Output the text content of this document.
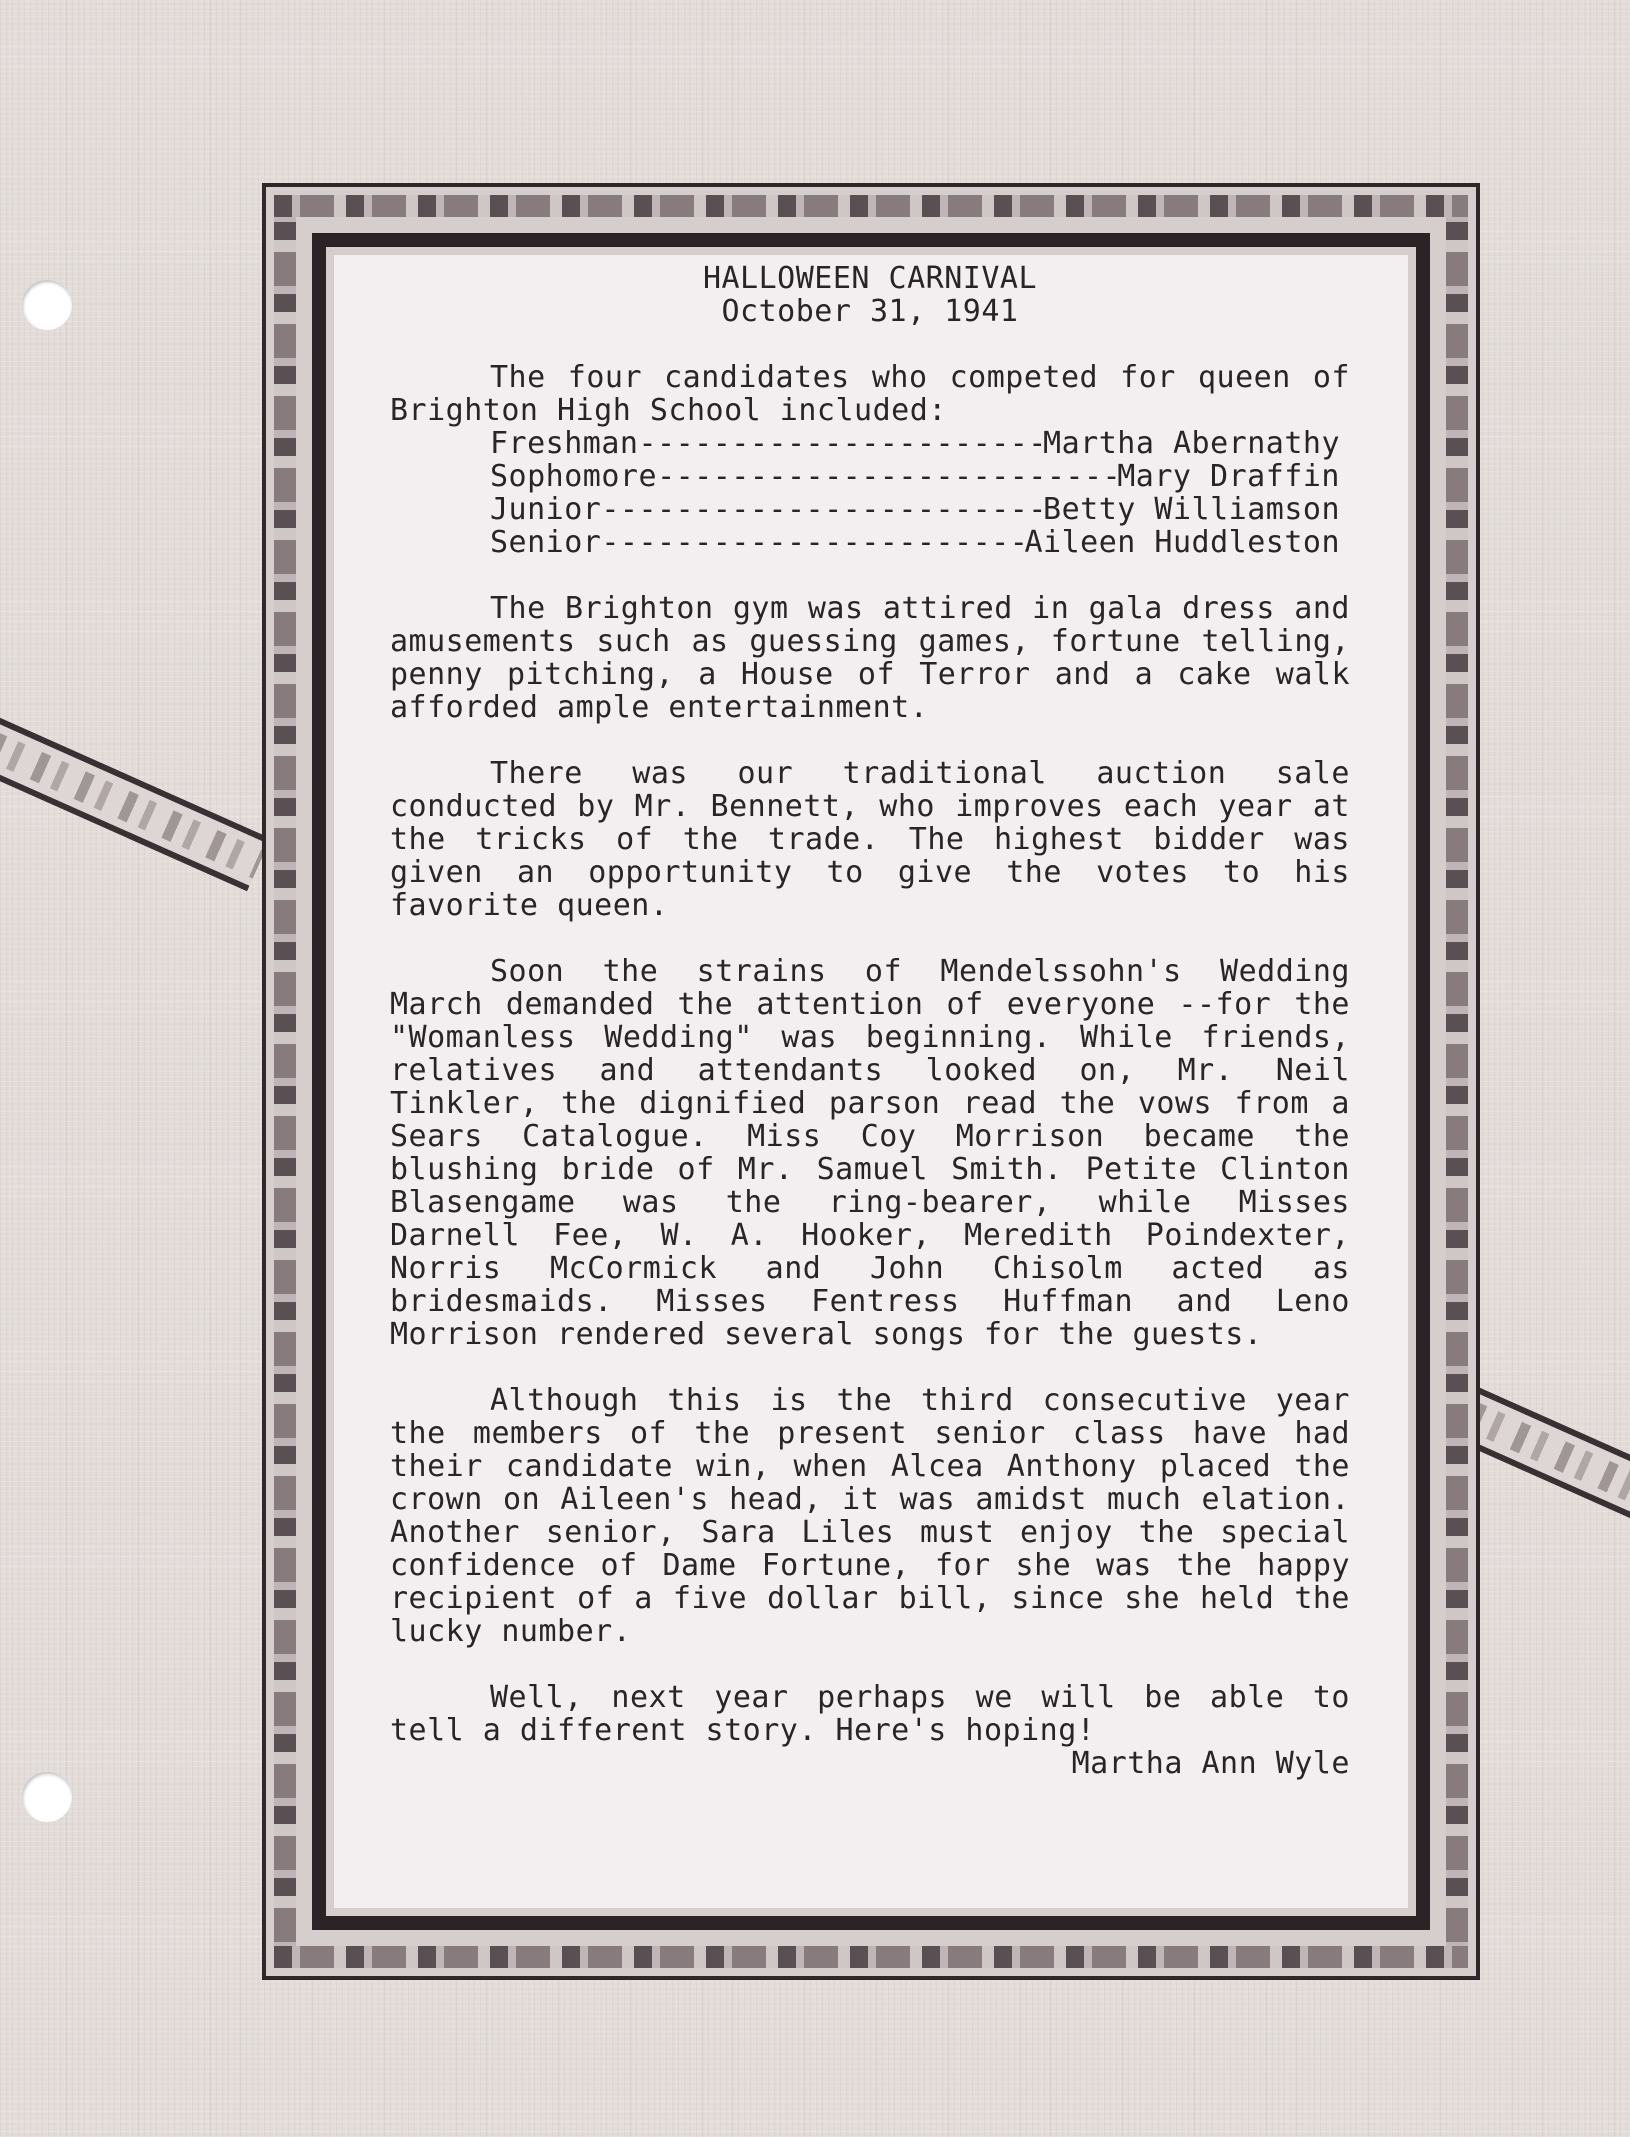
HALLOWEEN CARNIVAL
October 31, 1941

The four candidates who competed for queen of Brighton High School included:

Freshman -----	Martha Abernathy
Sophomore -----	Mary Draffin
Junior -----	Betty Williamson
Senior -----	Aileen Huddleston

The Brighton gym was attired in gala dress and amusements such as guessing games, fortune telling, penny pitching, a House of Terror and a cake walk afforded ample entertainment.

There was our traditional auction sale conducted by Mr. Bennett, who improves each year at the tricks of the trade. The highest bidder was given an opportunity to give the votes to his favorite queen.

Soon the strains of Mendelssohn's Wedding March demanded the attention of everyone --for the "Womanless Wedding" was beginning. While friends, relatives and attendants looked on, Mr. Neil Tinkler, the dignified parson read the vows from a Sears Catalogue. Miss Coy Morrison became the blushing bride of Mr. Samuel Smith. Petite Clinton Blasengame was the ring-bearer, while Misses Darnell Fee, W. A. Hooker, Meredith Poindexter, Norris McCormick and John Chisolm acted as bridesmaids. Misses Fentress Huffman and Leno Morrison rendered several songs for the guests.

Although this is the third consecutive year the members of the present senior class have had their candidate win, when Alcea Anthony placed the crown on Aileen's head, it was amidst much elation. Another senior, Sara Liles must enjoy the special confidence of Dame Fortune, for she was the happy recipient of a five dollar bill, since she held the lucky number.

Well, next year perhaps we will be able to tell a different story. Here's hoping!

Martha Ann Wyle
